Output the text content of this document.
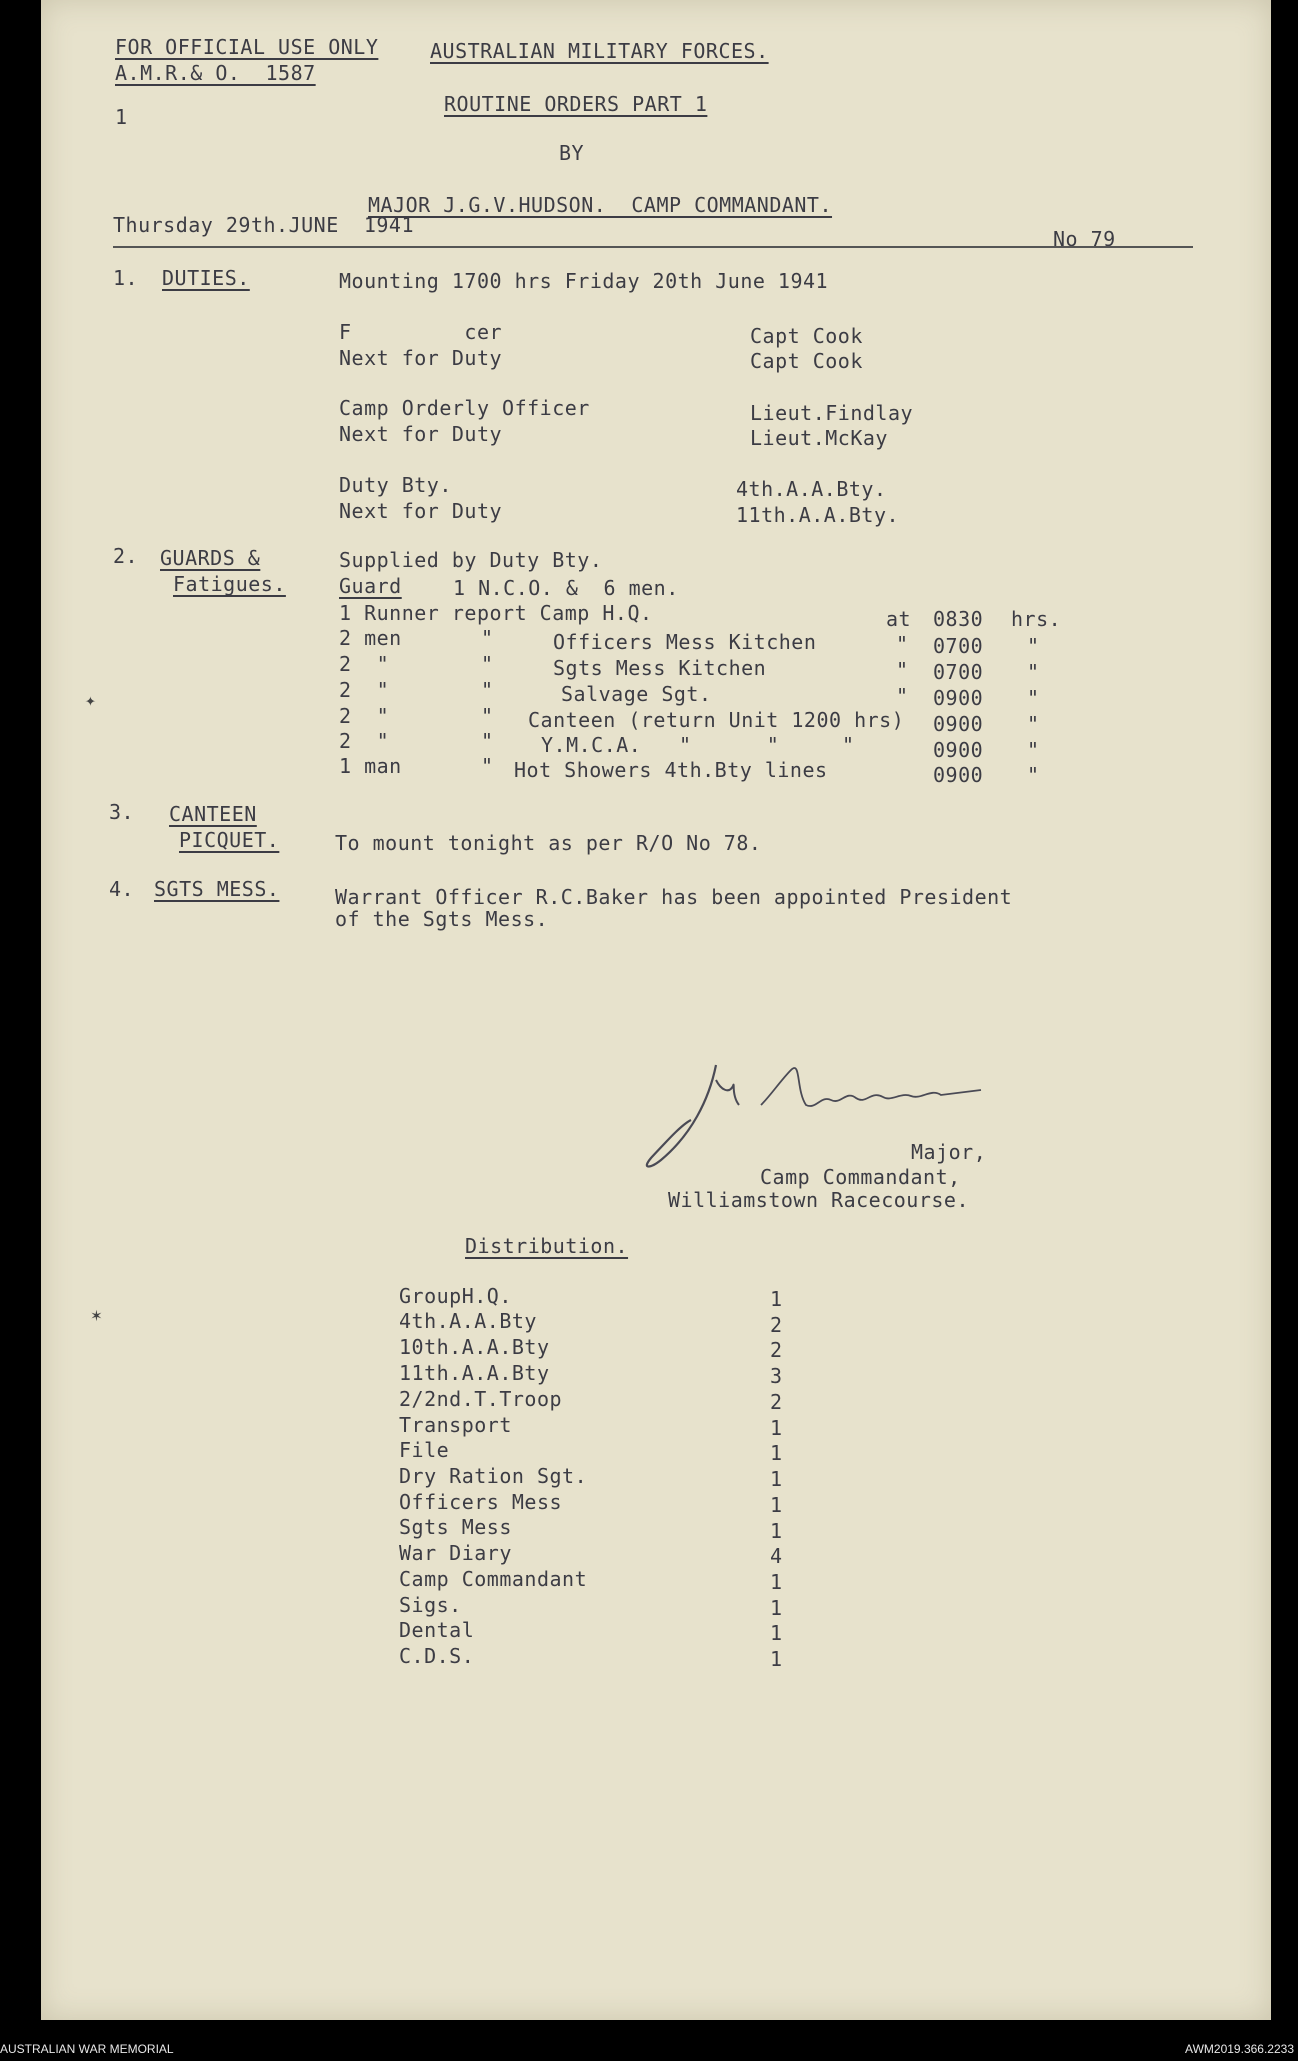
FOR OFFICIAL USE ONLY
A.M.R.& O.  1587
AUSTRALIAN MILITARY FORCES.
ROUTINE ORDERS PART 1
1
BY
MAJOR J.G.V.HUDSON.  CAMP COMMANDANT.
Thursday 29th.JUNE  1941
No 79
1. DUTIES.	Mounting 1700 hrs Friday 20th June 1941
F         cer	Capt Cook
Next for Duty	Capt Cook
Camp Orderly Officer	Lieut.Findlay
Next for Duty	Lieut.McKay
Duty Bty.	4th.A.A.Bty.
Next for Duty	11th.A.A.Bty.
2. GUARDS &
Fatigues.
Supplied by Duty Bty.
Guard	1 N.C.O. &  6 men.
1 Runner report Camp H.Q.	at 0830 hrs.
2 men	"	Officers Mess Kitchen	" 0700 "
2  "	"	Sgts Mess Kitchen	" 0700 "
2  "	"	Salvage Sgt.	" 0900 "
2  "	" Canteen (return Unit 1200 hrs) 0900 "
2  "	" Y.M.C.A.   "      "     "	0900 "
1 man	" Hot Showers 4th.Bty lines	0900 "
3. CANTEEN
PICQUET.	To mount tonight as per R/O No 78.
4. SGTS MESS.	Warrant Officer R.C.Baker has been appointed President
of the Sgts Mess.
Major,
Camp Commandant,
Williamstown Racecourse.
Distribution.
GroupH.Q.	1
4th.A.A.Bty	2
10th.A.A.Bty	2
11th.A.A.Bty	3
2/2nd.T.Troop	2
Transport	1
File	1
Dry Ration Sgt.	1
Officers Mess	1
Sgts Mess	1
War Diary	4
Camp Commandant	1
Sigs.	1
Dental	1
C.D.S.	1
✦
✶
AUSTRALIAN WAR MEMORIAL	AWM2019.366.2233
